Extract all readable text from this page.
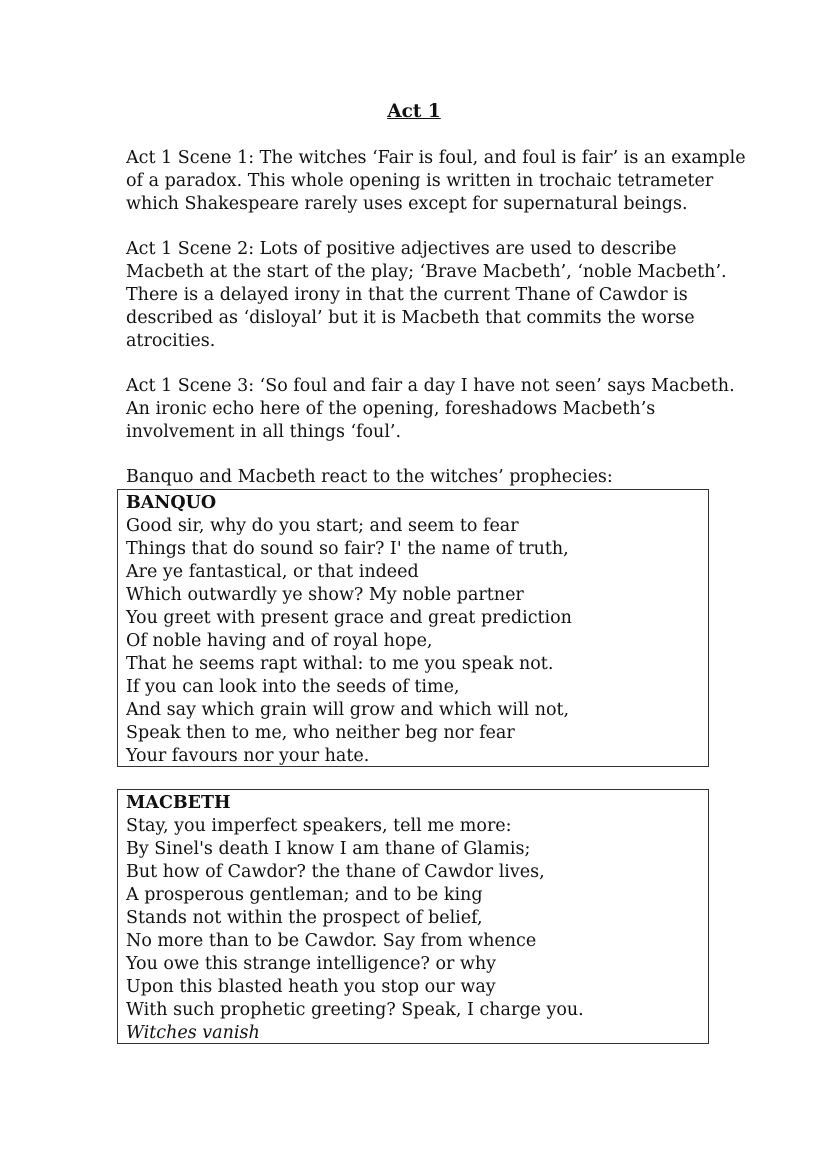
Act 1
Act 1 Scene 1: The witches ‘Fair is foul, and foul is fair’ is an example
of a paradox. This whole opening is written in trochaic tetrameter
which Shakespeare rarely uses except for supernatural beings.
Act 1 Scene 2: Lots of positive adjectives are used to describe
Macbeth at the start of the play; ‘Brave Macbeth’, ‘noble Macbeth’.
There is a delayed irony in that the current Thane of Cawdor is
described as ‘disloyal’ but it is Macbeth that commits the worse
atrocities.
Act 1 Scene 3: ‘So foul and fair a day I have not seen’ says Macbeth.
An ironic echo here of the opening, foreshadows Macbeth’s
involvement in all things ‘foul’.
Banquo and Macbeth react to the witches’ prophecies:
BANQUO
Good sir, why do you start; and seem to fear
Things that do sound so fair? I' the name of truth,
Are ye fantastical, or that indeed
Which outwardly ye show? My noble partner
You greet with present grace and great prediction
Of noble having and of royal hope,
That he seems rapt withal: to me you speak not.
If you can look into the seeds of time,
And say which grain will grow and which will not,
Speak then to me, who neither beg nor fear
Your favours nor your hate.
MACBETH
Stay, you imperfect speakers, tell me more:
By Sinel's death I know I am thane of Glamis;
But how of Cawdor? the thane of Cawdor lives,
A prosperous gentleman; and to be king
Stands not within the prospect of belief,
No more than to be Cawdor. Say from whence
You owe this strange intelligence? or why
Upon this blasted heath you stop our way
With such prophetic greeting? Speak, I charge you.
Witches vanish
